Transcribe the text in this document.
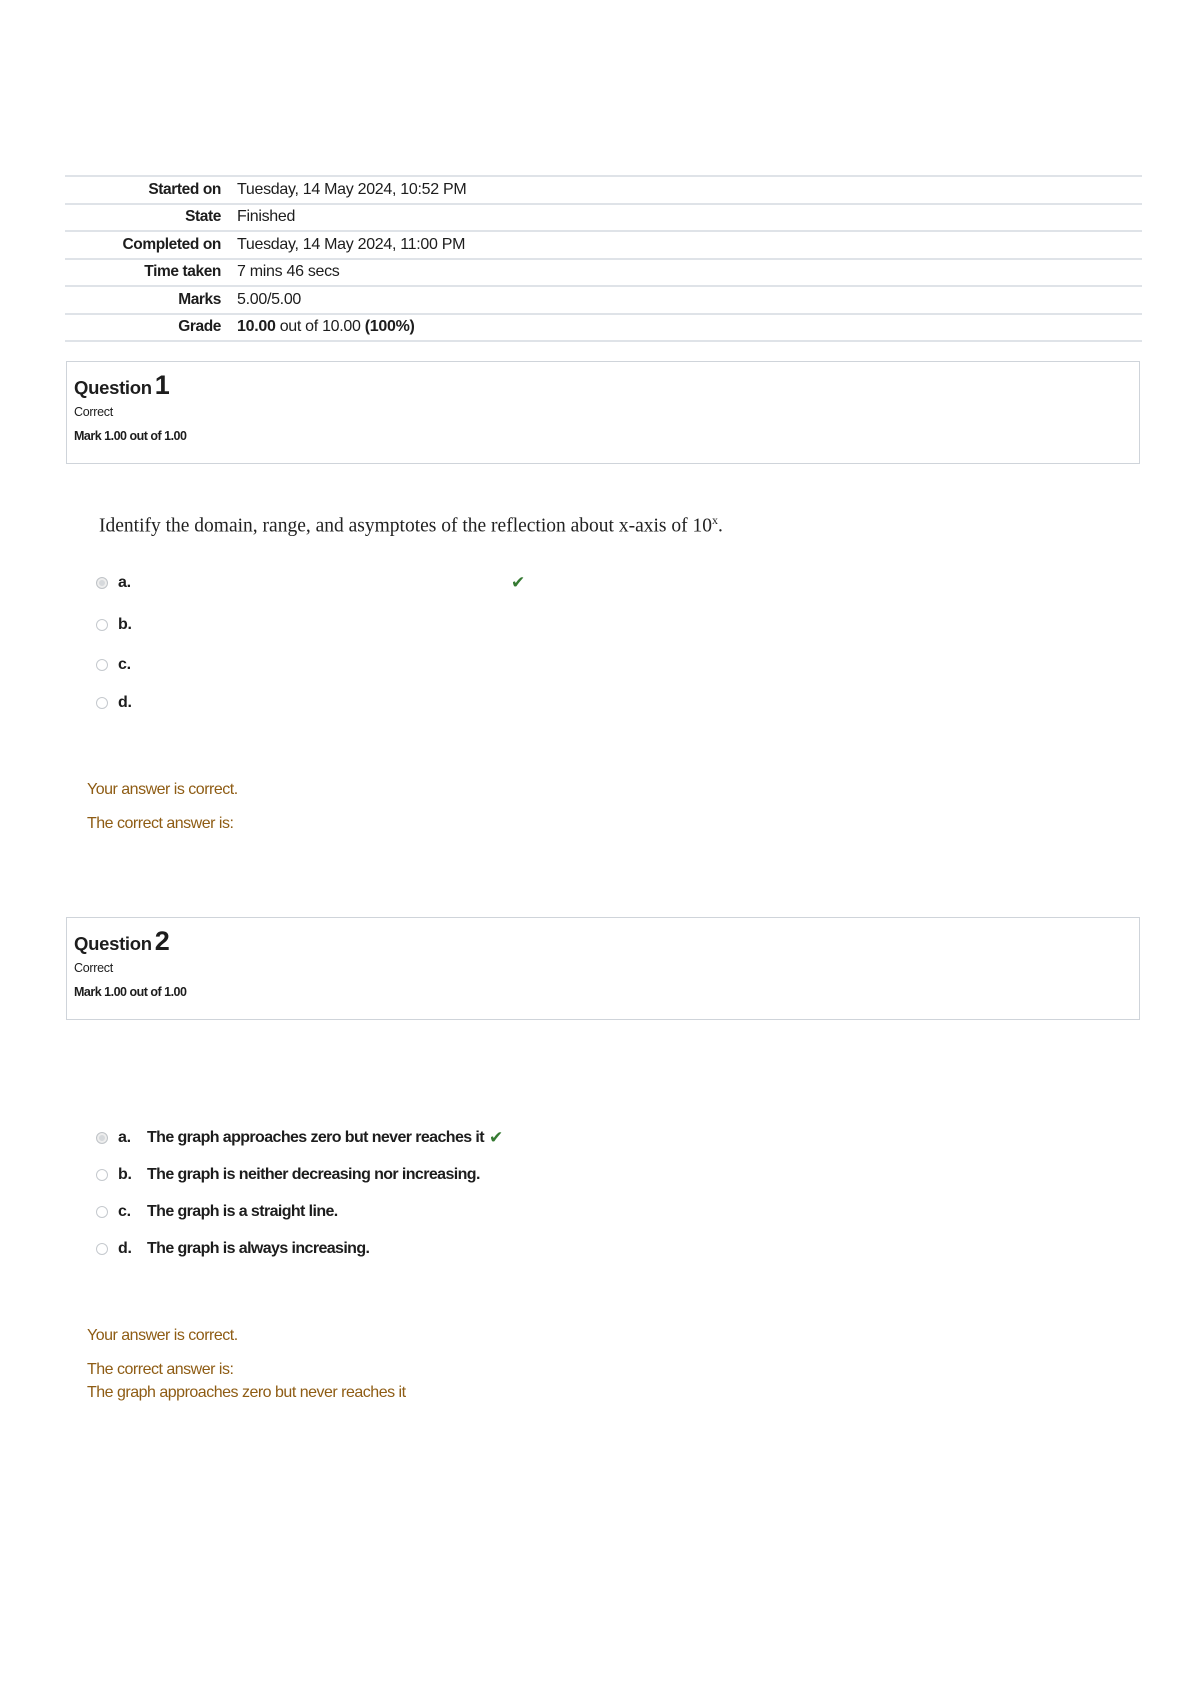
Started on	Tuesday, 14 May 2024, 10:52 PM
State	Finished
Completed on	Tuesday, 14 May 2024, 11:00 PM
Time taken	7 mins 46 secs
Marks	5.00/5.00
Grade	10.00 out of 10.00 (100%)
Question 1
Correct
Mark 1.00 out of 1.00
Identify the domain, range, and asymptotes of the reflection about x-axis of 10$^x$.
a.	✔
b.
c.
d.
Your answer is correct.
The correct answer is:
Question 2
Correct
Mark 1.00 out of 1.00
a.	The graph approaches zero but never reaches it ✔
b. The graph is neither decreasing nor increasing.
c.	The graph is a straight line.
d. The graph is always increasing.
Your answer is correct.
The correct answer is:
The graph approaches zero but never reaches it
